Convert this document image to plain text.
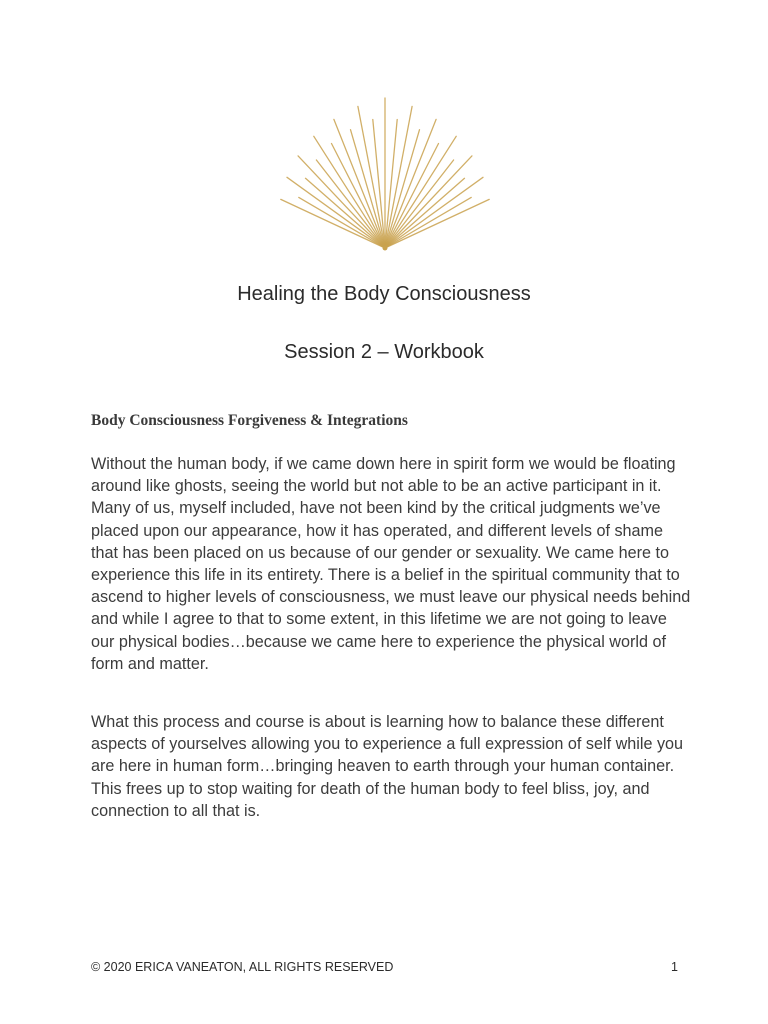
Healing the Body Consciousness
Session 2 – Workbook
Body Consciousness Forgiveness & Integrations

Without the human body, if we came down here in spirit form we would be floating around like ghosts, seeing the world but not able to be an active participant in it. Many of us, myself included, have not been kind by the critical judgments we’ve placed upon our appearance, how it has operated, and different levels of shame that has been placed on us because of our gender or sexuality. We came here to experience this life in its entirety. There is a belief in the spiritual community that to ascend to higher levels of consciousness, we must leave our physical needs behind and while I agree to that to some extent, in this lifetime we are not going to leave our physical bodies…because we came here to experience the physical world of form and matter.

What this process and course is about is learning how to balance these different aspects of yourselves allowing you to experience a full expression of self while you are here in human form…bringing heaven to earth through your human container. This frees up to stop waiting for death of the human body to feel bliss, joy, and connection to all that is.

© 2020 ERICA VANEATON, ALL RIGHTS RESERVED	1
